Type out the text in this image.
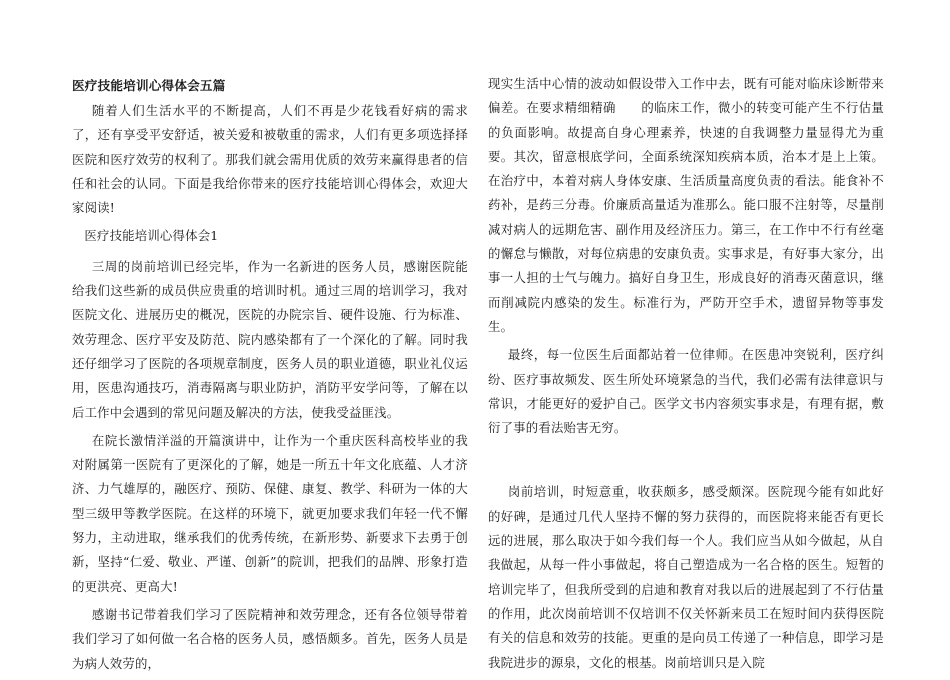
医疗技能培训心得体会五篇

随着人们生活水平的不断提高，人们不再是少花钱看好病的需求了，还有享受平安舒适，被关爱和被敬重的需求，人们有更多项选择择医院和医疗效劳的权利了。那我们就会需用优质的效劳来赢得患者的信任和社会的认同。下面是我给你带来的医疗技能培训心得体会，欢迎大家阅读!

医疗技能培训心得体会1

三周的岗前培训已经完毕，作为一名新进的医务人员，感谢医院能给我们这些新的成员供应贵重的培训时机。通过三周的培训学习，我对医院文化、进展历史的概况，医院的办院宗旨、硬件设施、行为标准、效劳理念、医疗平安及防范、院内感染都有了一个深化的了解。同时我还仔细学习了医院的各项规章制度，医务人员的职业道德，职业礼仪运用，医患沟通技巧，消毒隔离与职业防护，消防平安学问等，了解在以后工作中会遇到的常见问题及解决的方法，使我受益匪浅。

在院长激情洋溢的开篇演讲中，让作为一个重庆医科高校毕业的我对附属第一医院有了更深化的了解，她是一所五十年文化底蕴、人才济济、力气雄厚的，融医疗、预防、保健、康复、教学、科研为一体的大型三级甲等教学医院。在这样的环境下，就更加要求我们年轻一代不懈努力，主动进取，继承我们的优秀传统，在新形势、新要求下去勇于创新，坚持“仁爱、敬业、严谨、创新”的院训，把我们的品牌、形象打造的更洪亮、更高大!

感谢书记带着我们学习了医院精神和效劳理念，还有各位领导带着我们学习了如何做一名合格的医务人员，感悟颇多。首先，医务人员是为病人效劳的，

现实生活中心情的波动如假设带入工作中去，既有可能对临床诊断带来偏差。在要求精细精确　　的临床工作，微小的转变可能产生不行估量的负面影响。故提高自身心理素养，快速的自我调整力量显得尤为重要。其次，留意根底学问，全面系统深知疾病本质，治本才是上上策。在治疗中，本着对病人身体安康、生活质量高度负责的看法。能食补不药补，是药三分毒。价廉质高量适为准那么。能口服不注射等，尽量削减对病人的远期危害、副作用及经济压力。第三，在工作中不行有丝毫的懈怠与懒散，对每位病患的安康负责。实事求是，有好事大家分，出事一人担的士气与魄力。搞好自身卫生，形成良好的消毒灭菌意识，继而削减院内感染的发生。标准行为，严防开空手术，遗留异物等事发生。

最终，每一位医生后面都站着一位律师。在医患冲突锐利，医疗纠纷、医疗事故频发、医生所处环境紧急的当代，我们必需有法律意识与常识，才能更好的爱护自己。医学文书内容须实事求是，有理有据，敷衍了事的看法贻害无穷。

岗前培训，时短意重，收获颇多，感受颇深。医院现今能有如此好的好碑，是通过几代人坚持不懈的努力获得的，而医院将来能否有更长远的进展，那么取决于如今我们每一个人。我们应当从如今做起，从自我做起，从每一件小事做起，将自己塑造成为一名合格的医生。短暂的培训完毕了，但我所受到的启迪和教育对我以后的进展起到了不行估量的作用，此次岗前培训不仅培训不仅关怀新来员工在短时间内获得医院有关的信息和效劳的技能。更重的是向员工传递了一种信息，即学习是我院进步的源泉，文化的根基。岗前培训只是入院
